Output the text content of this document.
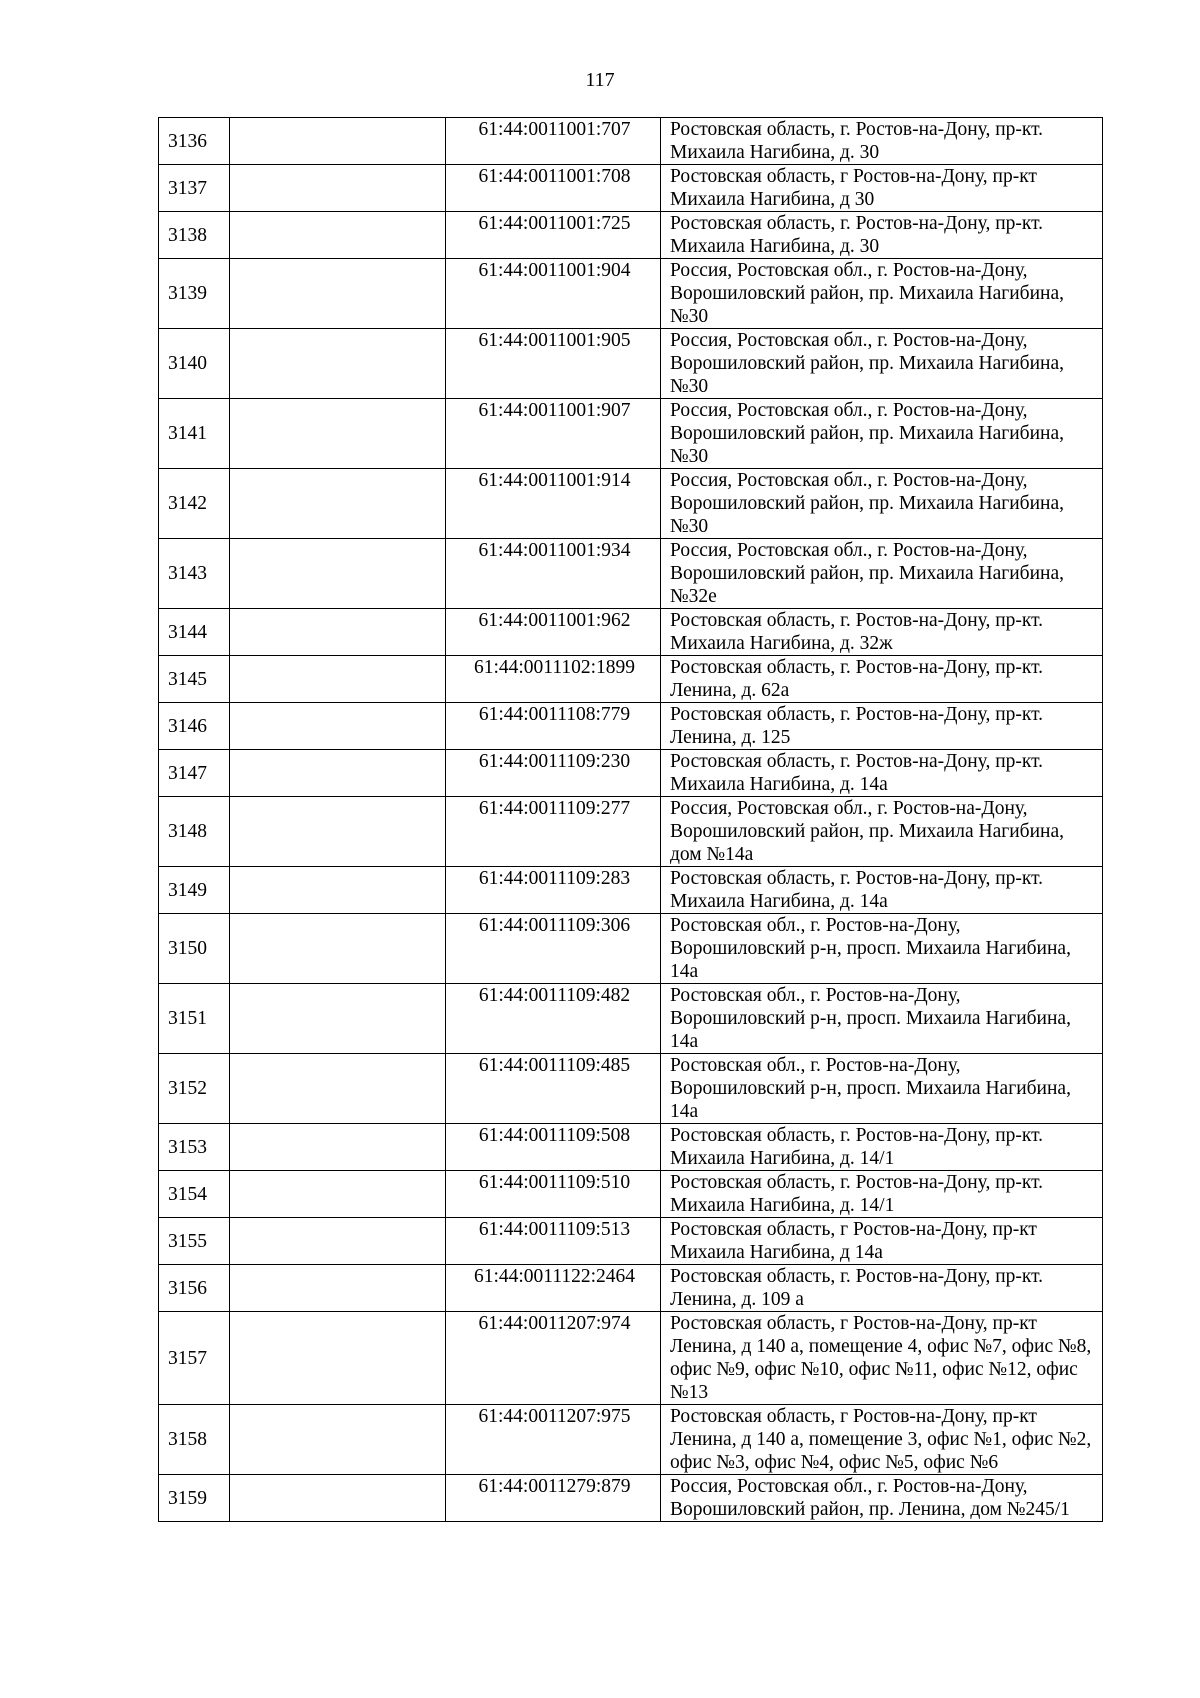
117
3136		61:44:0011001:707	Ростовская область, г. Ростов-на-Дону, пр-кт. Михаила Нагибина, д. 30
3137		61:44:0011001:708	Ростовская область, г Ростов-на-Дону, пр-кт Михаила Нагибина, д 30
3138		61:44:0011001:725	Ростовская область, г. Ростов-на-Дону, пр-кт. Михаила Нагибина, д. 30
3139		61:44:0011001:904	Россия, Ростовская обл., г. Ростов-на-Дону, Ворошиловский район, пр. Михаила Нагибина, №30
3140		61:44:0011001:905	Россия, Ростовская обл., г. Ростов-на-Дону, Ворошиловский район, пр. Михаила Нагибина, №30
3141		61:44:0011001:907	Россия, Ростовская обл., г. Ростов-на-Дону, Ворошиловский район, пр. Михаила Нагибина, №30
3142		61:44:0011001:914	Россия, Ростовская обл., г. Ростов-на-Дону, Ворошиловский район, пр. Михаила Нагибина, №30
3143		61:44:0011001:934	Россия, Ростовская обл., г. Ростов-на-Дону, Ворошиловский район, пр. Михаила Нагибина, №32е
3144		61:44:0011001:962	Ростовская область, г. Ростов-на-Дону, пр-кт. Михаила Нагибина, д. 32ж
3145		61:44:0011102:1899	Ростовская область, г. Ростов-на-Дону, пр-кт. Ленина, д. 62а
3146		61:44:0011108:779	Ростовская область, г. Ростов-на-Дону, пр-кт. Ленина, д. 125
3147		61:44:0011109:230	Ростовская область, г. Ростов-на-Дону, пр-кт. Михаила Нагибина, д. 14а
3148		61:44:0011109:277	Россия, Ростовская обл., г. Ростов-на-Дону, Ворошиловский район, пр. Михаила Нагибина, дом №14а
3149		61:44:0011109:283	Ростовская область, г. Ростов-на-Дону, пр-кт. Михаила Нагибина, д. 14а
3150		61:44:0011109:306	Ростовская обл., г. Ростов-на-Дону, Ворошиловский р-н, просп. Михаила Нагибина, 14а
3151		61:44:0011109:482	Ростовская обл., г. Ростов-на-Дону, Ворошиловский р-н, просп. Михаила Нагибина, 14а
3152		61:44:0011109:485	Ростовская обл., г. Ростов-на-Дону, Ворошиловский р-н, просп. Михаила Нагибина, 14а
3153		61:44:0011109:508	Ростовская область, г. Ростов-на-Дону, пр-кт. Михаила Нагибина, д. 14/1
3154		61:44:0011109:510	Ростовская область, г. Ростов-на-Дону, пр-кт. Михаила Нагибина, д. 14/1
3155		61:44:0011109:513	Ростовская область, г Ростов-на-Дону, пр-кт Михаила Нагибина, д 14а
3156		61:44:0011122:2464	Ростовская область, г. Ростов-на-Дону, пр-кт. Ленина, д. 109 а
3157		61:44:0011207:974	Ростовская область, г Ростов-на-Дону, пр-кт Ленина, д 140 а, помещение 4, офис №7, офис №8, офис №9, офис №10, офис №11, офис №12, офис №13
3158		61:44:0011207:975	Ростовская область, г Ростов-на-Дону, пр-кт Ленина, д 140 а, помещение 3, офис №1, офис №2, офис №3, офис №4, офис №5, офис №6
3159		61:44:0011279:879	Россия, Ростовская обл., г. Ростов-на-Дону, Ворошиловский район, пр. Ленина, дом №245/1
